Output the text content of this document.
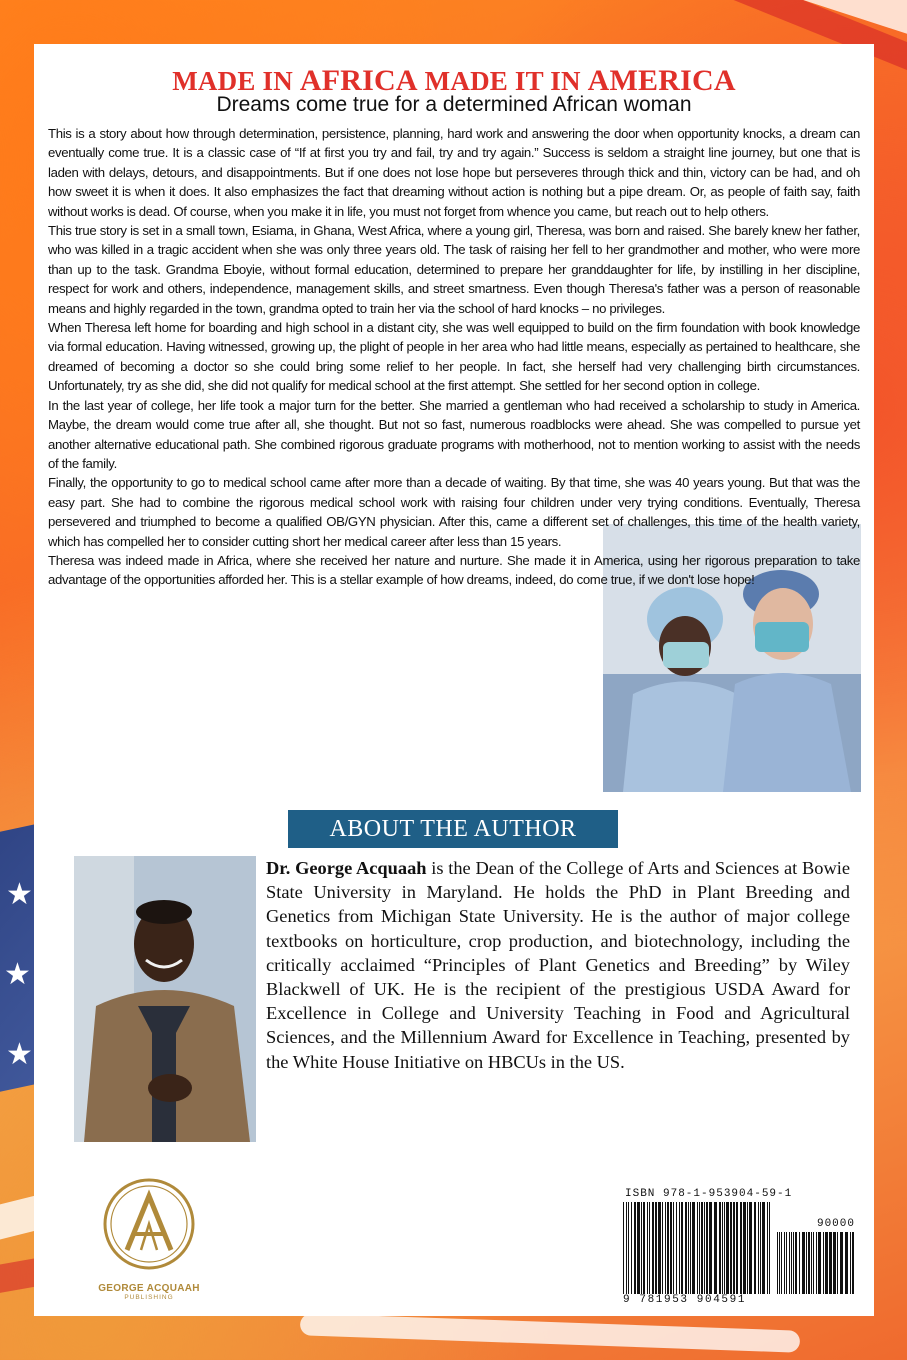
★
★
★
MADE IN AFRICA MADE IT IN AMERICA
Dreams come true for a determined African woman

This is a story about how through determination, persistence, planning, hard work and answering the door when opportunity knocks, a dream can eventually come true. It is a classic case of “If at first you try and fail, try and try again.” Success is seldom a straight line journey, but one that is laden with delays, detours, and disappointments. But if one does not lose hope but perseveres through thick and thin, victory can be had, and oh how sweet it is when it does. It also emphasizes the fact that dreaming without action is nothing but a pipe dream. Or, as people of faith say, faith without works is dead. Of course, when you make it in life, you must not forget from whence you came, but reach out to help others.

This true story is set in a small town, Esiama, in Ghana, West Africa, where a young girl, Theresa, was born and raised. She barely knew her father, who was killed in a tragic accident when she was only three years old. The task of raising her fell to her grandmother and mother, who were more than up to the task. Grandma Eboyie, without formal education, determined to prepare her granddaughter for life, by instilling in her discipline, respect for work and others, independence, management skills, and street smartness. Even though Theresa's father was a person of reasonable means and highly regarded in the town, grandma opted to train her via the school of hard knocks – no privileges.

When Theresa left home for boarding and high school in a distant city, she was well equipped to build on the firm foundation with book knowledge via formal education. Having witnessed, growing up, the plight of people in her area who had little means, especially as pertained to healthcare, she dreamed of becoming a doctor so she could bring some relief to her people. In fact, she herself had very challenging birth circumstances. Unfortunately, try as she did, she did not qualify for medical school at the first attempt. She settled for her second option in college.

In the last year of college, her life took a major turn for the better. She married a gentleman who had received a scholarship to study in America. Maybe, the dream would come true after all, she thought. But not so fast, numerous roadblocks were ahead. She was compelled to pursue yet another alternative educational path. She combined rigorous graduate programs with motherhood, not to mention working to assist with the needs of the family.

Finally, the opportunity to go to medical school came after more than a decade of waiting. By that time, she was 40 years young. But that was the easy part. She had to combine the rigorous medical school work with raising four children under very trying conditions. Eventually, Theresa persevered and triumphed to become a qualified OB/GYN physician. After this, came a different set of challenges, this time of the health variety, which has compelled her to consider cutting short her medical career after less than 15 years.

Theresa was indeed made in Africa, where she received her nature and nurture. She made it in America, using her rigorous preparation to take advantage of the opportunities afforded her. This is a stellar example of how dreams, indeed, do come true, if we don't lose hope!

ABOUT THE AUTHOR
Dr. George Acquaah is the Dean of the College of Arts and Sciences at Bowie State University in Maryland. He holds the PhD in Plant Breeding and Genetics from Michigan State University. He is the author of major college textbooks on horticulture, crop production, and biotechnology, including the critically acclaimed “Principles of Plant Genetics and Breeding” by Wiley Blackwell of UK. He is the recipient of the prestigious USDA Award for Excellence in College and University Teaching in Food and Agricultural Sciences, and the Millennium Award for Excellence in Teaching, presented by the White House Initiative on HBCUs in the US.
GEORGE ACQUAAH
PUBLISHING
ISBN 978-1-953904-59-1
90000
9 781953 904591
